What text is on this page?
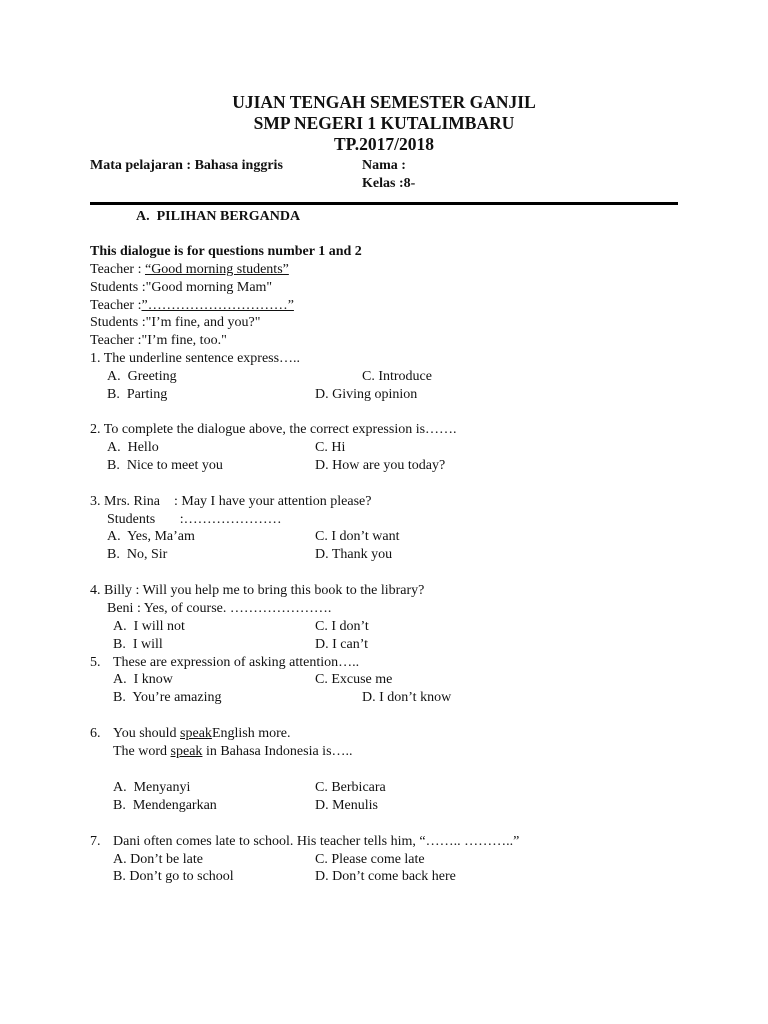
UJIAN TENGAH SEMESTER GANJIL
SMP NEGERI 1 KUTALIMBARU
TP.2017/2018
Mata pelajaran : Bahasa inggris	Nama :
Kelas :8-
A.  PILIHAN BERGANDA
This dialogue is for questions number 1 and 2
Teacher : “Good morning students”
Students :"Good morning Mam"
Teacher :”…………………………”
Students :"I’m fine, and you?"
Teacher :"I’m fine, too."
1. The underline sentence express…..
A.  Greeting
B.  Parting
C. Introduce
D. Giving opinion
2. To complete the dialogue above, the correct expression is…….
A.  Hello
B.  Nice to meet you
C. Hi
D. How are you today?
3. Mrs. Rina    : May I have your attention please?
Students       :…………………
A.  Yes, Ma’am
B.  No, Sir
C. I don’t want
D. Thank you
4. Billy : Will you help me to bring this book to the library?
Beni : Yes, of course. ………………….
A.  I will not
B.  I will
C. I don’t
D. I can’t
5. These are expression of asking attention…..
A.  I know
B.  You’re amazing
C. Excuse me
D. I don’t know
6. You should speakEnglish more.
The word speak in Bahasa Indonesia is…..
A.  Menyanyi
B.  Mendengarkan
C. Berbicara
D. Menulis
7. Dani often comes late to school. His teacher tells him, “…….. ………..”
A. Don’t be late
B. Don’t go to school
C. Please come late
D. Don’t come back here
